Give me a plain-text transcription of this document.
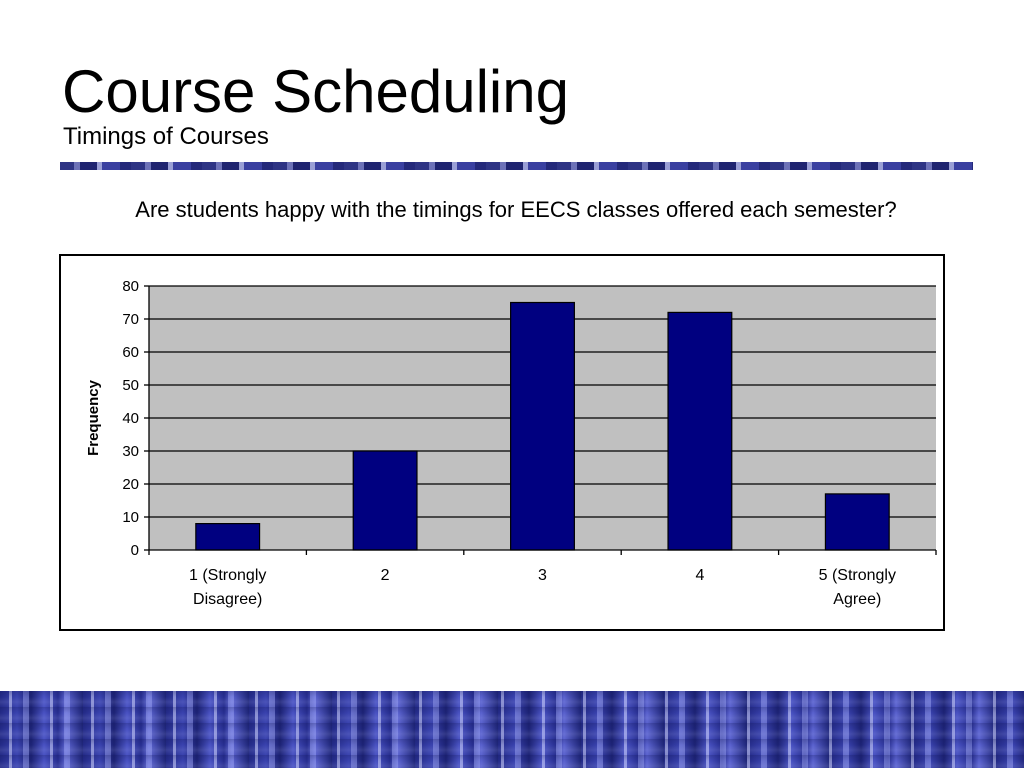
Course Scheduling
Timings of Courses
Are students happy with the timings for EECS classes offered each semester?
0
10
20
30
40
50
60
70
80
1 (Strongly Disagree)
2	3	4	5 (Strongly Agree)
Frequency
